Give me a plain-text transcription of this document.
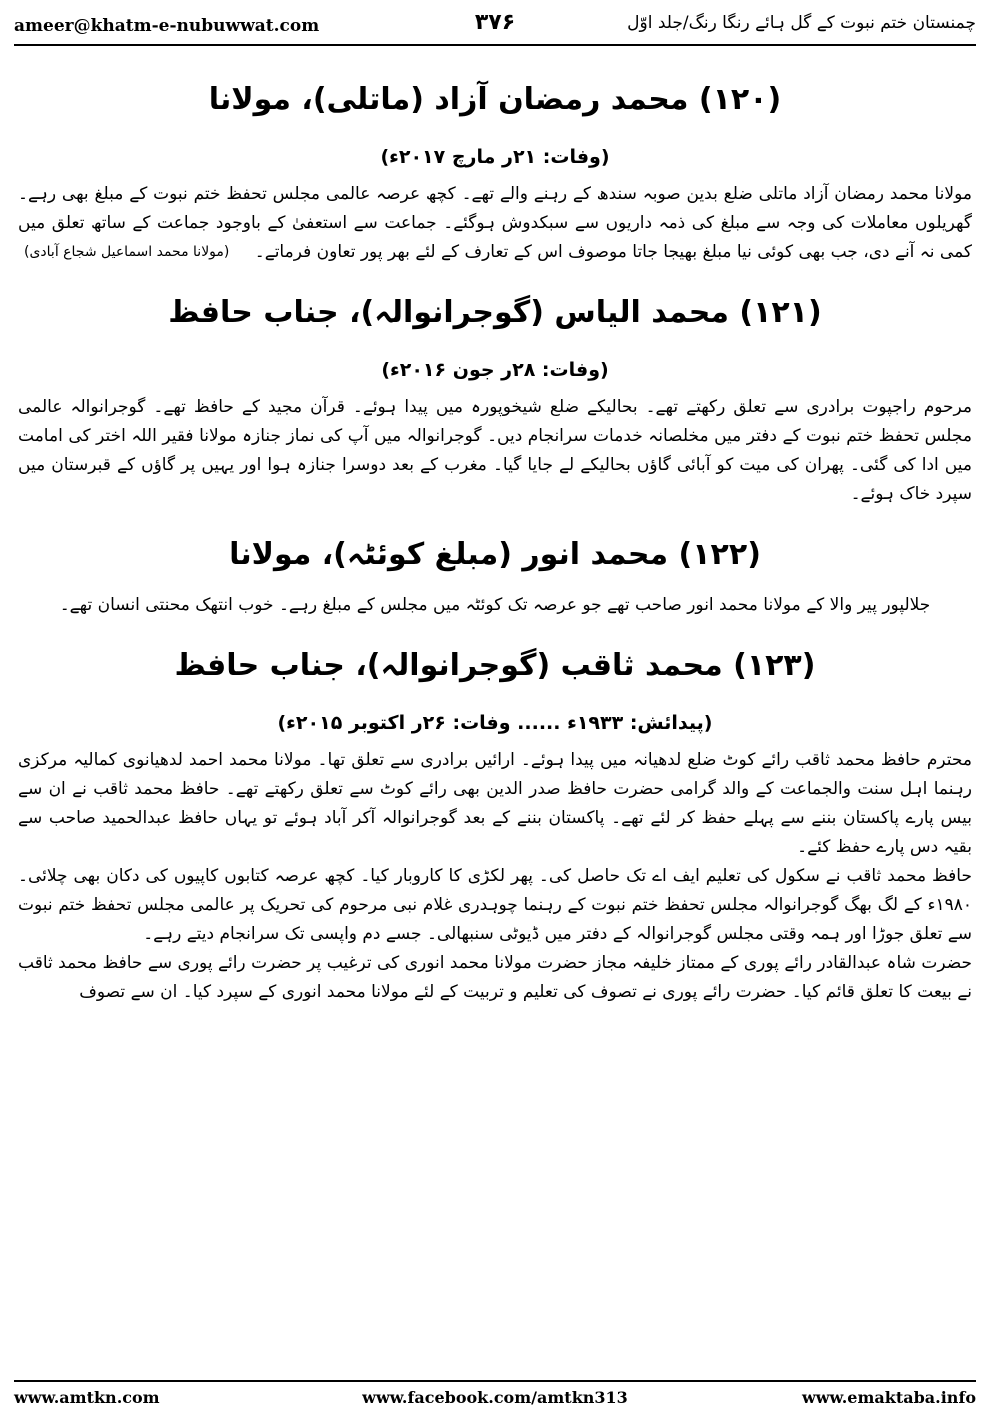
ameer@khatm-e-nubuwwat.com	۳۷۶	چمنستان ختم نبوت کے گل ہائے رنگا رنگ/جلد اوّل
(۱۲۰) محمد رمضان آزاد (ماتلی)، مولانا
(وفات: ۲۱ر مارچ ۲۰۱۷ء)

مولانا محمد رمضان آزاد ماتلی ضلع بدین صوبہ سندھ کے رہنے والے تھے۔ کچھ عرصہ عالمی مجلس تحفظ ختم نبوت کے مبلغ بھی رہے۔ گھریلوں معاملات کی وجہ سے مبلغ کی ذمہ داریوں سے سبکدوش ہوگئے۔ جماعت سے استعفیٰ کے باوجود جماعت کے ساتھ تعلق میں کمی نہ آنے دی، جب بھی کوئی نیا مبلغ بھیجا جاتا موصوف اس کے تعارف کے لئے بھر پور تعاون فرماتے۔
(مولانا محمد اسماعیل شجاع آبادی)

(۱۲۱) محمد الیاس (گوجرانوالہ)، جناب حافظ
(وفات: ۲۸ر جون ۲۰۱۶ء)

مرحوم راجپوت برادری سے تعلق رکھتے تھے۔ بحالیکے ضلع شیخوپورہ میں پیدا ہوئے۔ قرآن مجید کے حافظ تھے۔ گوجرانوالہ عالمی مجلس تحفظ ختم نبوت کے دفتر میں مخلصانہ خدمات سرانجام دیں۔ گوجرانوالہ میں آپ کی نماز جنازہ مولانا فقیر اللہ اختر کی امامت میں ادا کی گئی۔ پھران کی میت کو آبائی گاؤں بحالیکے لے جایا گیا۔ مغرب کے بعد دوسرا جنازہ ہوا اور یہیں پر گاؤں کے قبرستان میں سپرد خاک ہوئے۔

(۱۲۲) محمد انور (مبلغ کوئٹہ)، مولانا

جلالپور پیر والا کے مولانا محمد انور صاحب تھے جو عرصہ تک کوئٹہ میں مجلس کے مبلغ رہے۔ خوب انتھک محنتی انسان تھے۔

(۱۲۳) محمد ثاقب (گوجرانوالہ)، جناب حافظ
(پیدائش: ۱۹۳۳ء ...... وفات: ۲۶ر اکتوبر ۲۰۱۵ء)

محترم حافظ محمد ثاقب رائے کوٹ ضلع لدھیانہ میں پیدا ہوئے۔ ارائیں برادری سے تعلق تھا۔ مولانا محمد احمد لدھیانوی کمالیہ مرکزی رہنما اہل سنت والجماعت کے والد گرامی حضرت حافظ صدر الدین بھی رائے کوٹ سے تعلق رکھتے تھے۔ حافظ محمد ثاقب نے ان سے بیس پارے پاکستان بننے سے پہلے حفظ کر لئے تھے۔ پاکستان بننے کے بعد گوجرانوالہ آکر آباد ہوئے تو یہاں حافظ عبدالحمید صاحب سے بقیہ دس پارے حفظ کئے۔

حافظ محمد ثاقب نے سکول کی تعلیم ایف اے تک حاصل کی۔ پھر لکڑی کا کاروبار کیا۔ کچھ عرصہ کتابوں کاپیوں کی دکان بھی چلائی۔ ۱۹۸۰ء کے لگ بھگ گوجرانوالہ مجلس تحفظ ختم نبوت کے رہنما چوہدری غلام نبی مرحوم کی تحریک پر عالمی مجلس تحفظ ختم نبوت سے تعلق جوڑا اور ہمہ وقتی مجلس گوجرانوالہ کے دفتر میں ڈیوٹی سنبھالی۔ جسے دم واپسی تک سرانجام دیتے رہے۔

حضرت شاہ عبدالقادر رائے پوری کے ممتاز خلیفہ مجاز حضرت مولانا محمد انوری کی ترغیب پر حضرت رائے پوری سے حافظ محمد ثاقب نے بیعت کا تعلق قائم کیا۔ حضرت رائے پوری نے تصوف کی تعلیم و تربیت کے لئے مولانا محمد انوری کے سپرد کیا۔ ان سے تصوف

www.amtkn.com	www.facebook.com/amtkn313	www.emaktaba.info
